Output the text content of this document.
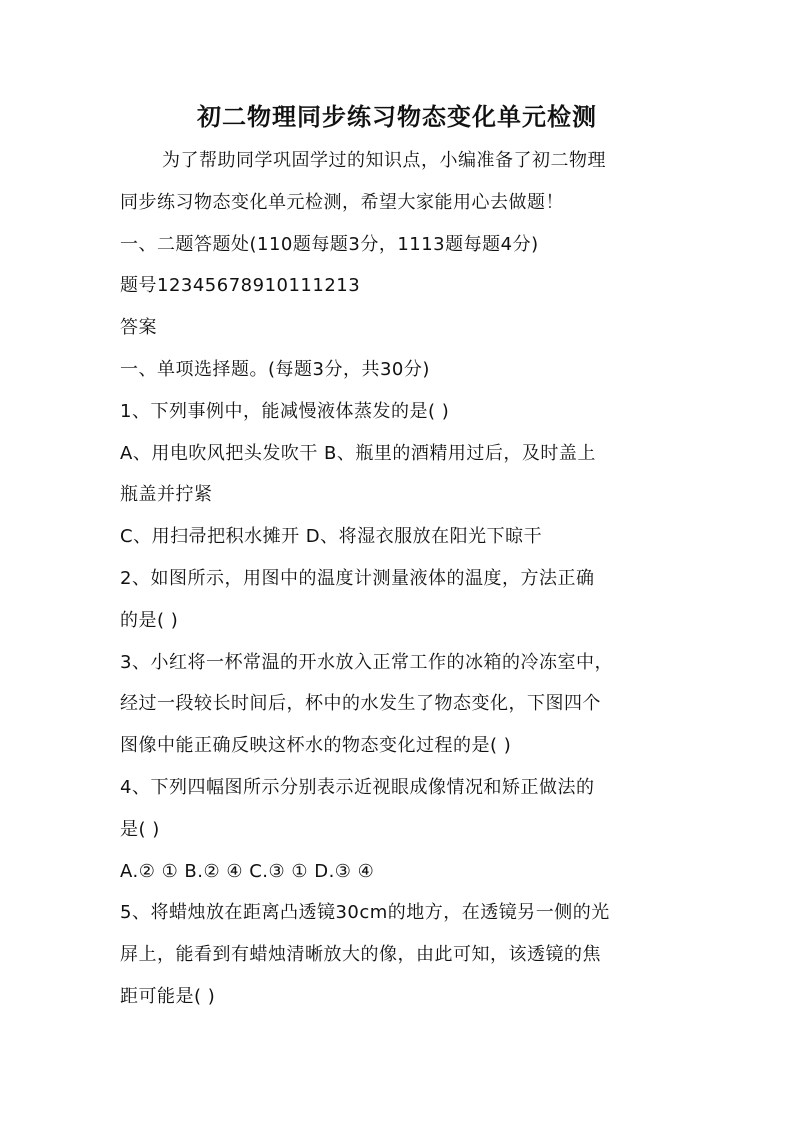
初二物理同步练习物态变化单元检测
为了帮助同学巩固学过的知识点，小编准备了初二物理
同步练习物态变化单元检测，希望大家能用心去做题！
一、二题答题处(110题每题3分，1113题每题4分)
题号12345678910111213
答案
一、单项选择题。(每题3分，共30分)
1、下列事例中，能减慢液体蒸发的是( )
A、用电吹风把头发吹干 B、瓶里的酒精用过后，及时盖上
瓶盖并拧紧
C、用扫帚把积水摊开 D、将湿衣服放在阳光下晾干
2、如图所示，用图中的温度计测量液体的温度，方法正确
的是( )
3、小红将一杯常温的开水放入正常工作的冰箱的冷冻室中，
经过一段较长时间后，杯中的水发生了物态变化，下图四个
图像中能正确反映这杯水的物态变化过程的是( )
4、下列四幅图所示分别表示近视眼成像情况和矫正做法的
是( )
A.② ① B.② ④ C.③ ① D.③ ④
5、将蜡烛放在距离凸透镜30cm的地方，在透镜另一侧的光
屏上，能看到有蜡烛清晰放大的像，由此可知，该透镜的焦
距可能是( )
